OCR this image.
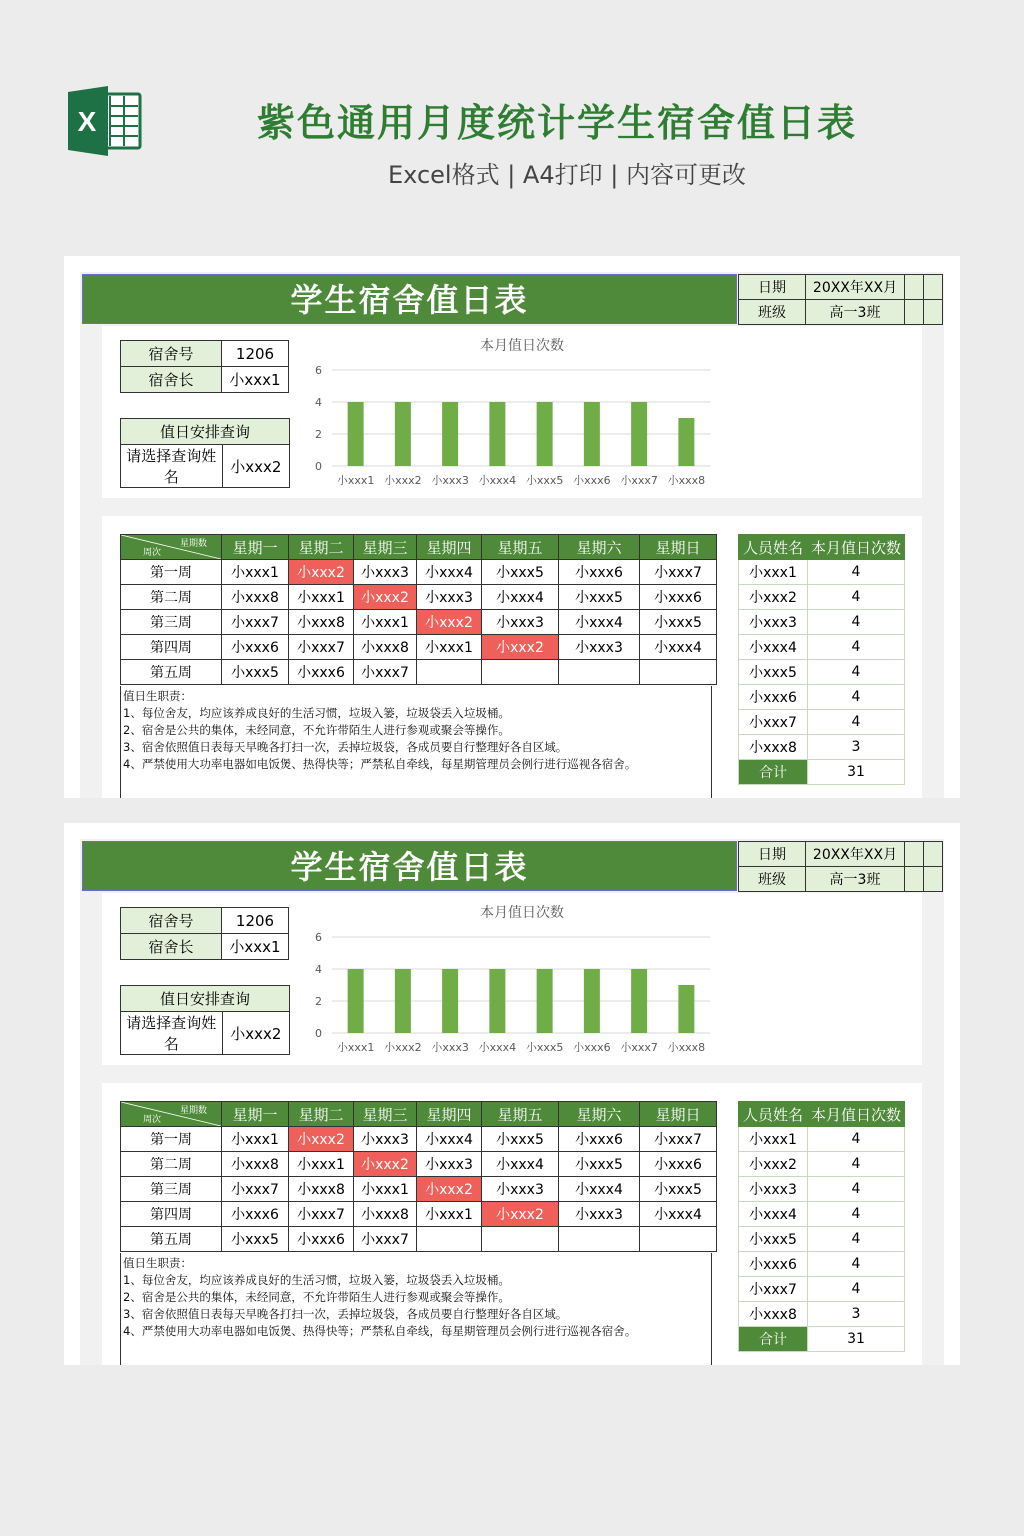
X	紫色通用月度统计学生宿舍值日表
Excel格式 | A4打印 | 内容可更改
学生宿舍值日表	日期	20XX年XX月		
班级	高一3班		
宿舍号	1206
宿舍长	小xxx1
值日安排查询
请选择查询姓名	小xxx2
本月值日次数
0
2
4
6
小xxx1 小xxx2 小xxx3 小xxx4 小xxx5 小xxx6 小xxx7 小xxx8
星期数
周次	星期一	星期二	星期三	星期四	星期五	星期六	星期日
第一周	小xxx1	小xxx2	小xxx3	小xxx4	小xxx5	小xxx6	小xxx7
第二周	小xxx8	小xxx1	小xxx2	小xxx3	小xxx4	小xxx5	小xxx6
第三周	小xxx7	小xxx8	小xxx1	小xxx2	小xxx3	小xxx4	小xxx5
第四周	小xxx6	小xxx7	小xxx8	小xxx1	小xxx2	小xxx3	小xxx4
第五周	小xxx5	小xxx6	小xxx7				
值日生职责：
1、每位舍友，均应该养成良好的生活习惯，垃圾入篓，垃圾袋丢入垃圾桶。
2、宿舍是公共的集体，未经同意，不允许带陌生人进行参观或聚会等操作。
3、宿舍依照值日表每天早晚各打扫一次，丢掉垃圾袋，各成员要自行整理好各自区域。
4、严禁使用大功率电器如电饭煲、热得快等；严禁私自牵线，每星期管理员会例行进行巡视各宿舍。
人员姓名	本月值日次数
小xxx1	4
小xxx2	4
小xxx3	4
小xxx4	4
小xxx5	4
小xxx6	4
小xxx7	4
小xxx8	3
合计	31
学生宿舍值日表	日期	20XX年XX月		
班级	高一3班		
宿舍号	1206
宿舍长	小xxx1
值日安排查询
请选择查询姓名	小xxx2
本月值日次数
0
2
4
6
小xxx1 小xxx2 小xxx3 小xxx4 小xxx5 小xxx6 小xxx7 小xxx8
星期数
周次	星期一	星期二	星期三	星期四	星期五	星期六	星期日
第一周	小xxx1	小xxx2	小xxx3	小xxx4	小xxx5	小xxx6	小xxx7
第二周	小xxx8	小xxx1	小xxx2	小xxx3	小xxx4	小xxx5	小xxx6
第三周	小xxx7	小xxx8	小xxx1	小xxx2	小xxx3	小xxx4	小xxx5
第四周	小xxx6	小xxx7	小xxx8	小xxx1	小xxx2	小xxx3	小xxx4
第五周	小xxx5	小xxx6	小xxx7				
值日生职责：
1、每位舍友，均应该养成良好的生活习惯，垃圾入篓，垃圾袋丢入垃圾桶。
2、宿舍是公共的集体，未经同意，不允许带陌生人进行参观或聚会等操作。
3、宿舍依照值日表每天早晚各打扫一次，丢掉垃圾袋，各成员要自行整理好各自区域。
4、严禁使用大功率电器如电饭煲、热得快等；严禁私自牵线，每星期管理员会例行进行巡视各宿舍。
人员姓名	本月值日次数
小xxx1	4
小xxx2	4
小xxx3	4
小xxx4	4
小xxx5	4
小xxx6	4
小xxx7	4
小xxx8	3
合计	31
